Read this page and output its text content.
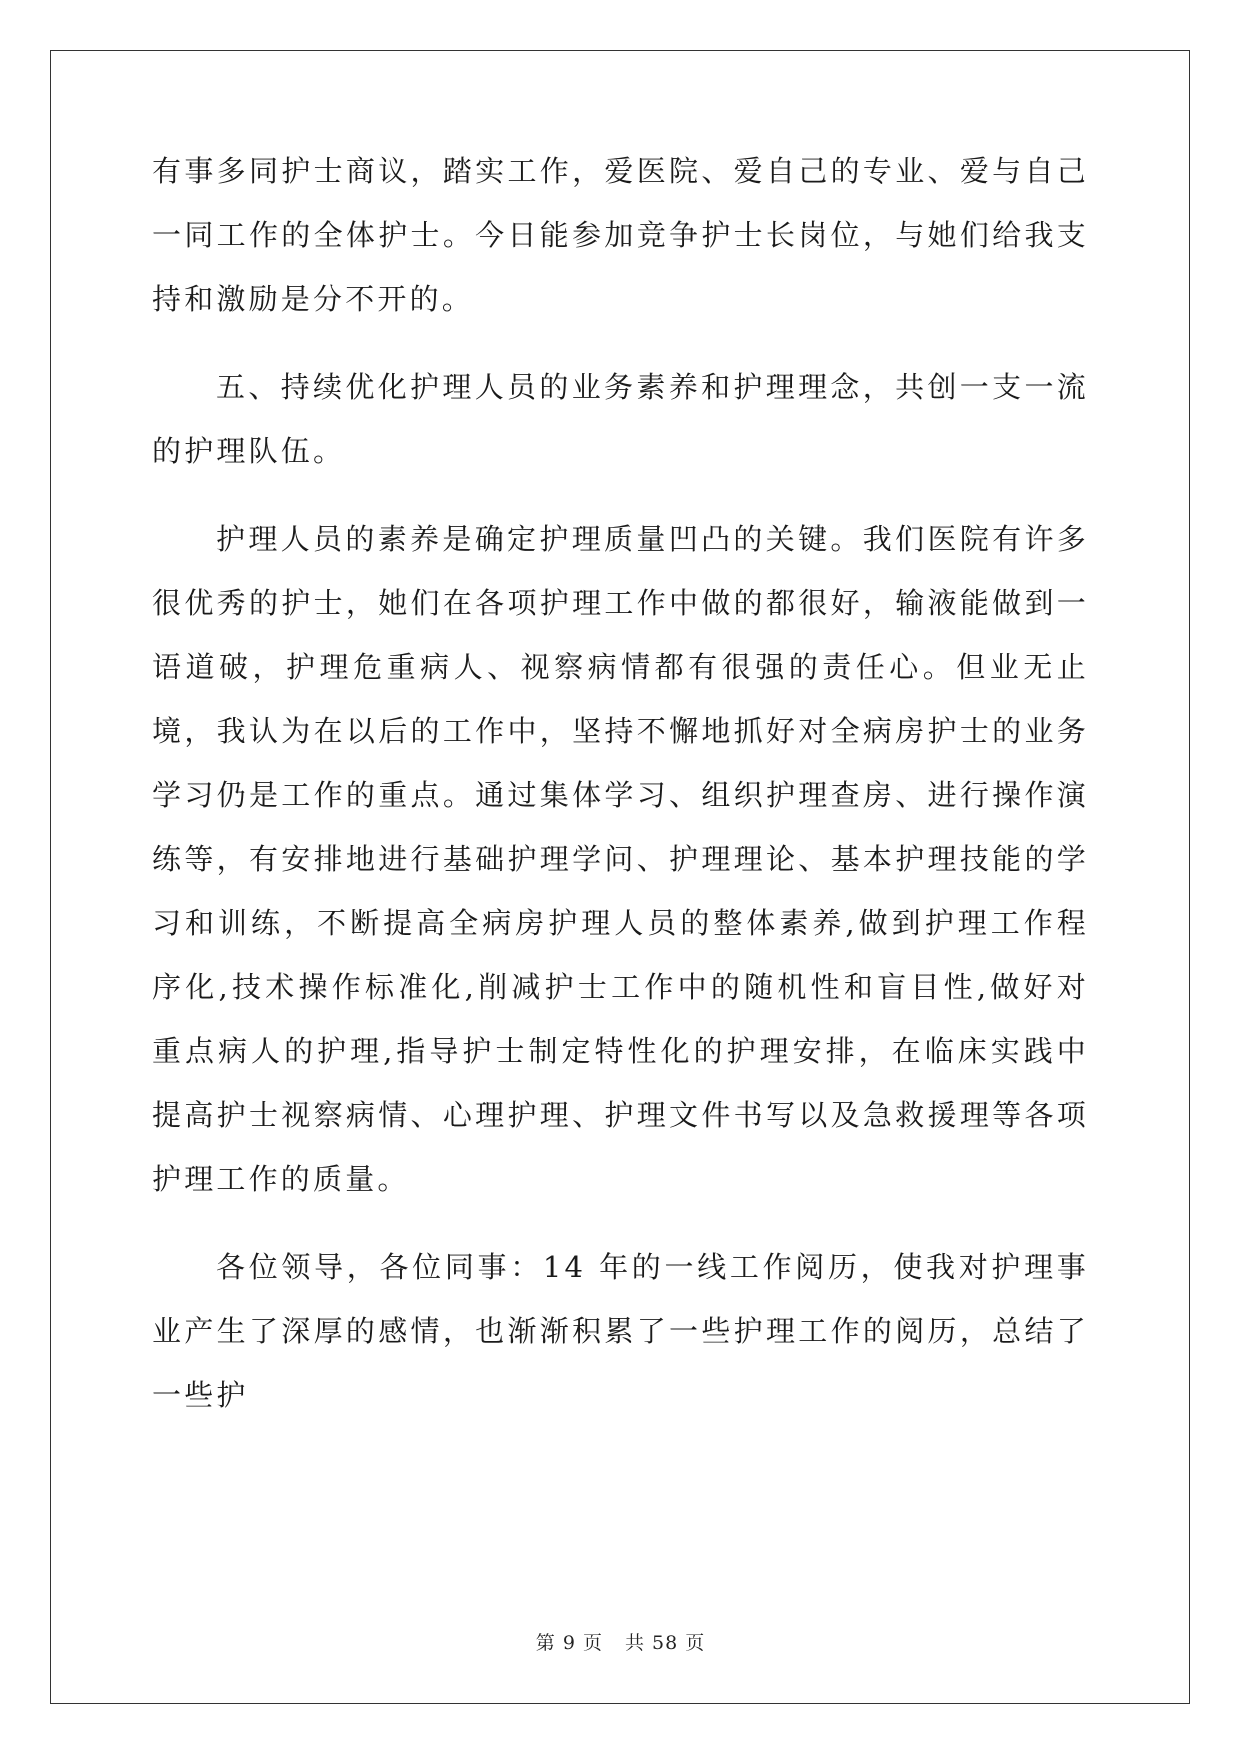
有事多同护士商议，踏实工作，爱医院、爱自己的专业、爱与自己一同工作的全体护士。今日能参加竞争护士长岗位，与她们给我支持和激励是分不开的。

五、持续优化护理人员的业务素养和护理理念，共创一支一流的护理队伍。

护理人员的素养是确定护理质量凹凸的关键。我们医院有许多很优秀的护士，她们在各项护理工作中做的都很好，输液能做到一语道破，护理危重病人、视察病情都有很强的责任心。但业无止境，我认为在以后的工作中，坚持不懈地抓好对全病房护士的业务学习仍是工作的重点。通过集体学习、组织护理查房、进行操作演练等，有安排地进行基础护理学问、护理理论、基本护理技能的学习和训练，不断提高全病房护理人员的整体素养,做到护理工作程序化,技术操作标准化,削减护士工作中的随机性和盲目性,做好对重点病人的护理,指导护士制定特性化的护理安排，在临床实践中提高护士视察病情、心理护理、护理文件书写以及急救援理等各项护理工作的质量。

各位领导，各位同事：14 年的一线工作阅历，使我对护理事业产生了深厚的感情，也渐渐积累了一些护理工作的阅历，总结了一些护

第 9 页 共 58 页
